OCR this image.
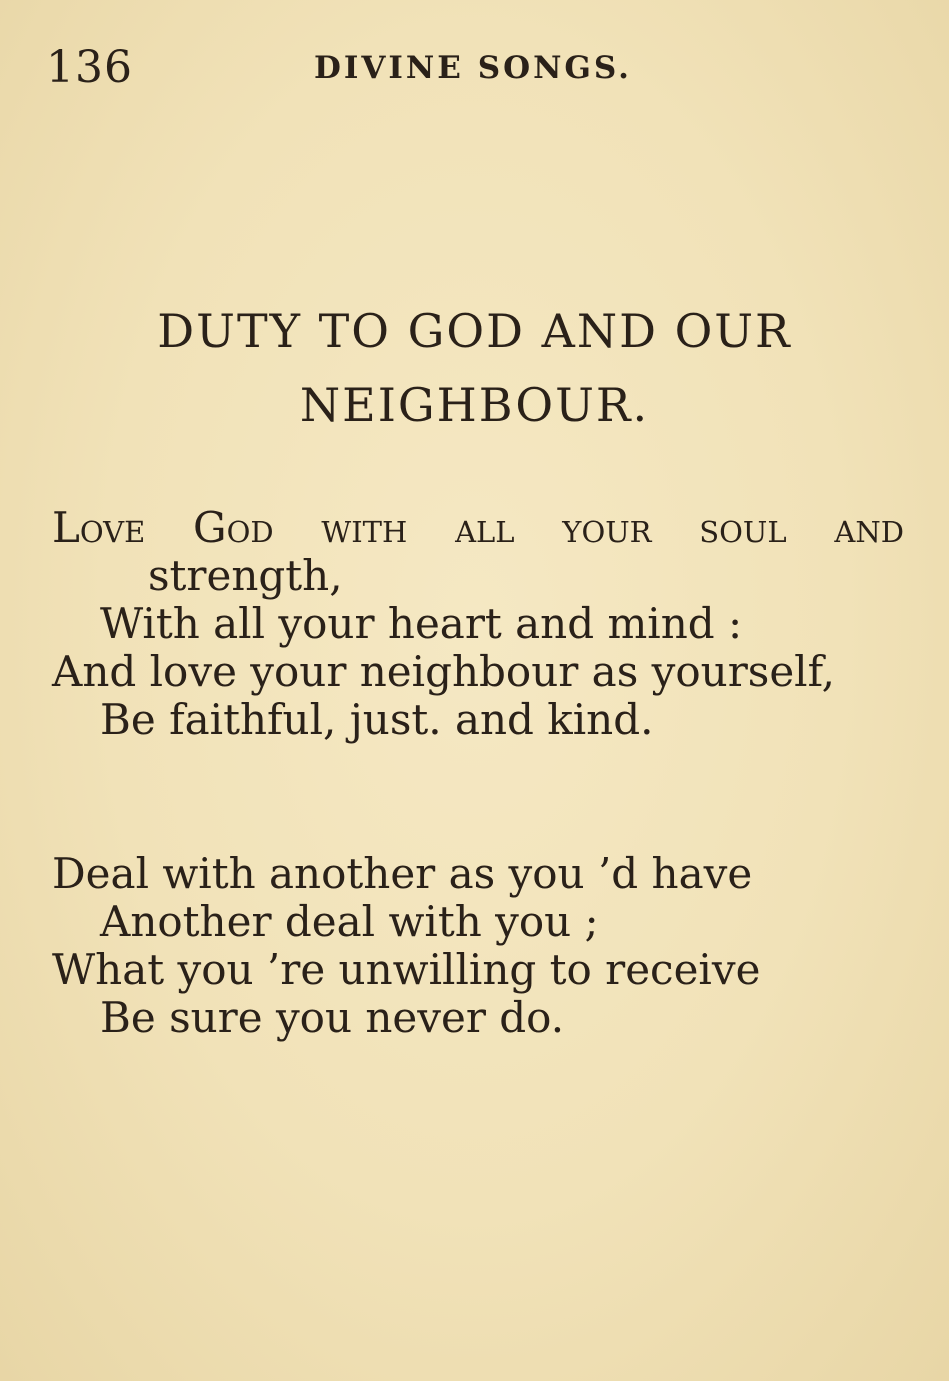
136	DIVINE SONGS.
DUTY TO GOD AND OUR
NEIGHBOUR.
Love God with all your soul and
strength,
With all your heart and mind :
And love your neighbour as yourself,
Be faithful, just. and kind.
Deal with another as you ’d have
Another deal with you ;
What you ’re unwilling to receive
Be sure you never do.
